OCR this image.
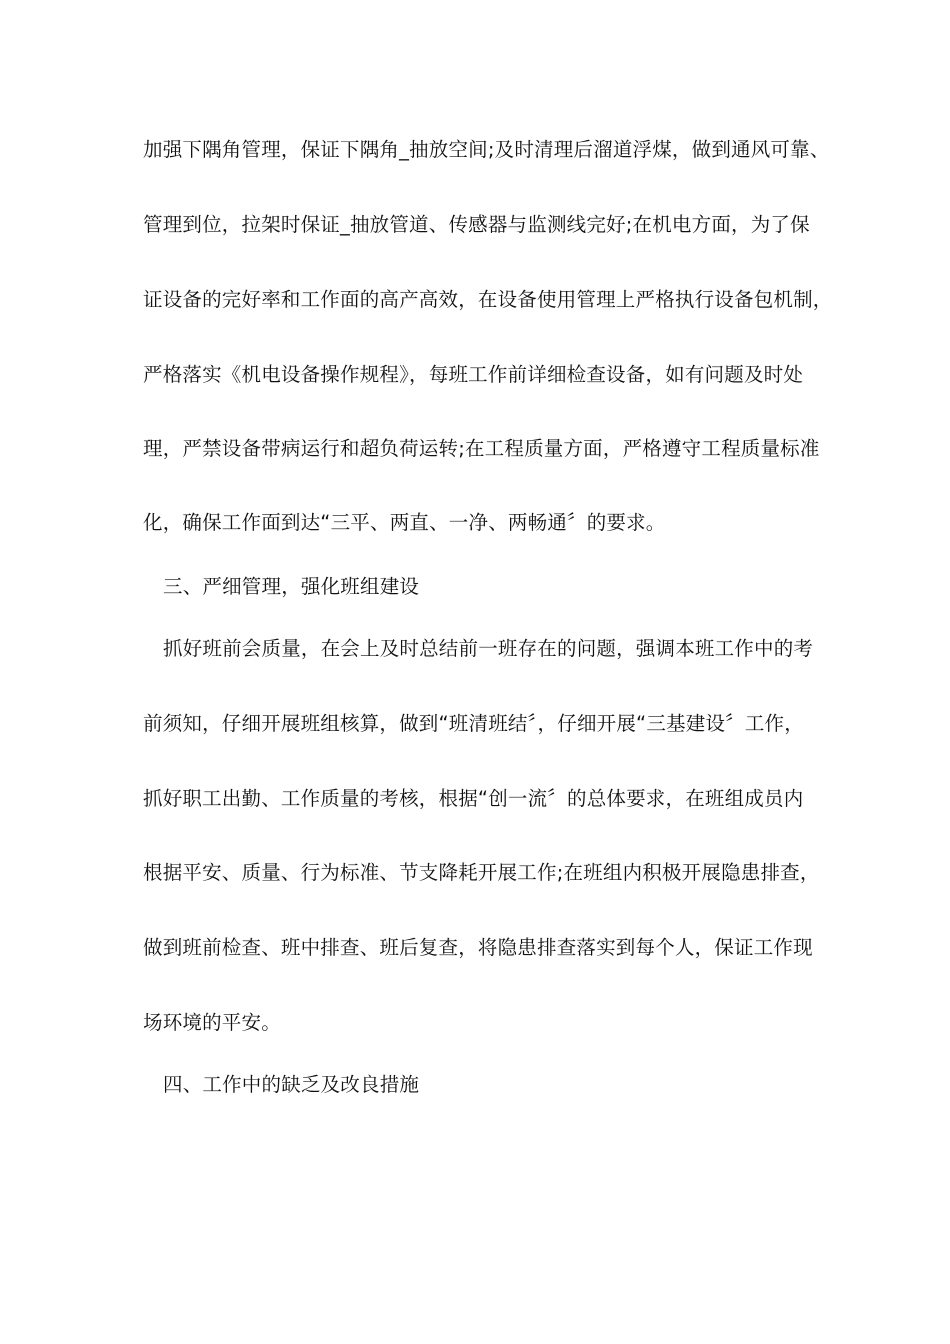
加强下隅角管理，保证下隅角_抽放空间;及时清理后溜道浮煤，做到通风可靠、
管理到位，拉架时保证_抽放管道、传感器与监测线完好;在机电方面，为了保
证设备的完好率和工作面的高产高效，在设备使用管理上严格执行设备包机制，
严格落实《机电设备操作规程》，每班工作前详细检查设备，如有问题及时处
理，严禁设备带病运行和超负荷运转;在工程质量方面，严格遵守工程质量标准
化，确保工作面到达“三平、两直、一净、两畅通〞的要求。
三、严细管理，强化班组建设
抓好班前会质量，在会上及时总结前一班存在的问题，强调本班工作中的考
前须知，仔细开展班组核算，做到“班清班结〞，仔细开展“三基建设〞工作，
抓好职工出勤、工作质量的考核，根据“创一流〞的总体要求，在班组成员内
根据平安、质量、行为标准、节支降耗开展工作;在班组内积极开展隐患排查，
做到班前检查、班中排查、班后复查，将隐患排查落实到每个人，保证工作现
场环境的平安。
四、工作中的缺乏及改良措施
